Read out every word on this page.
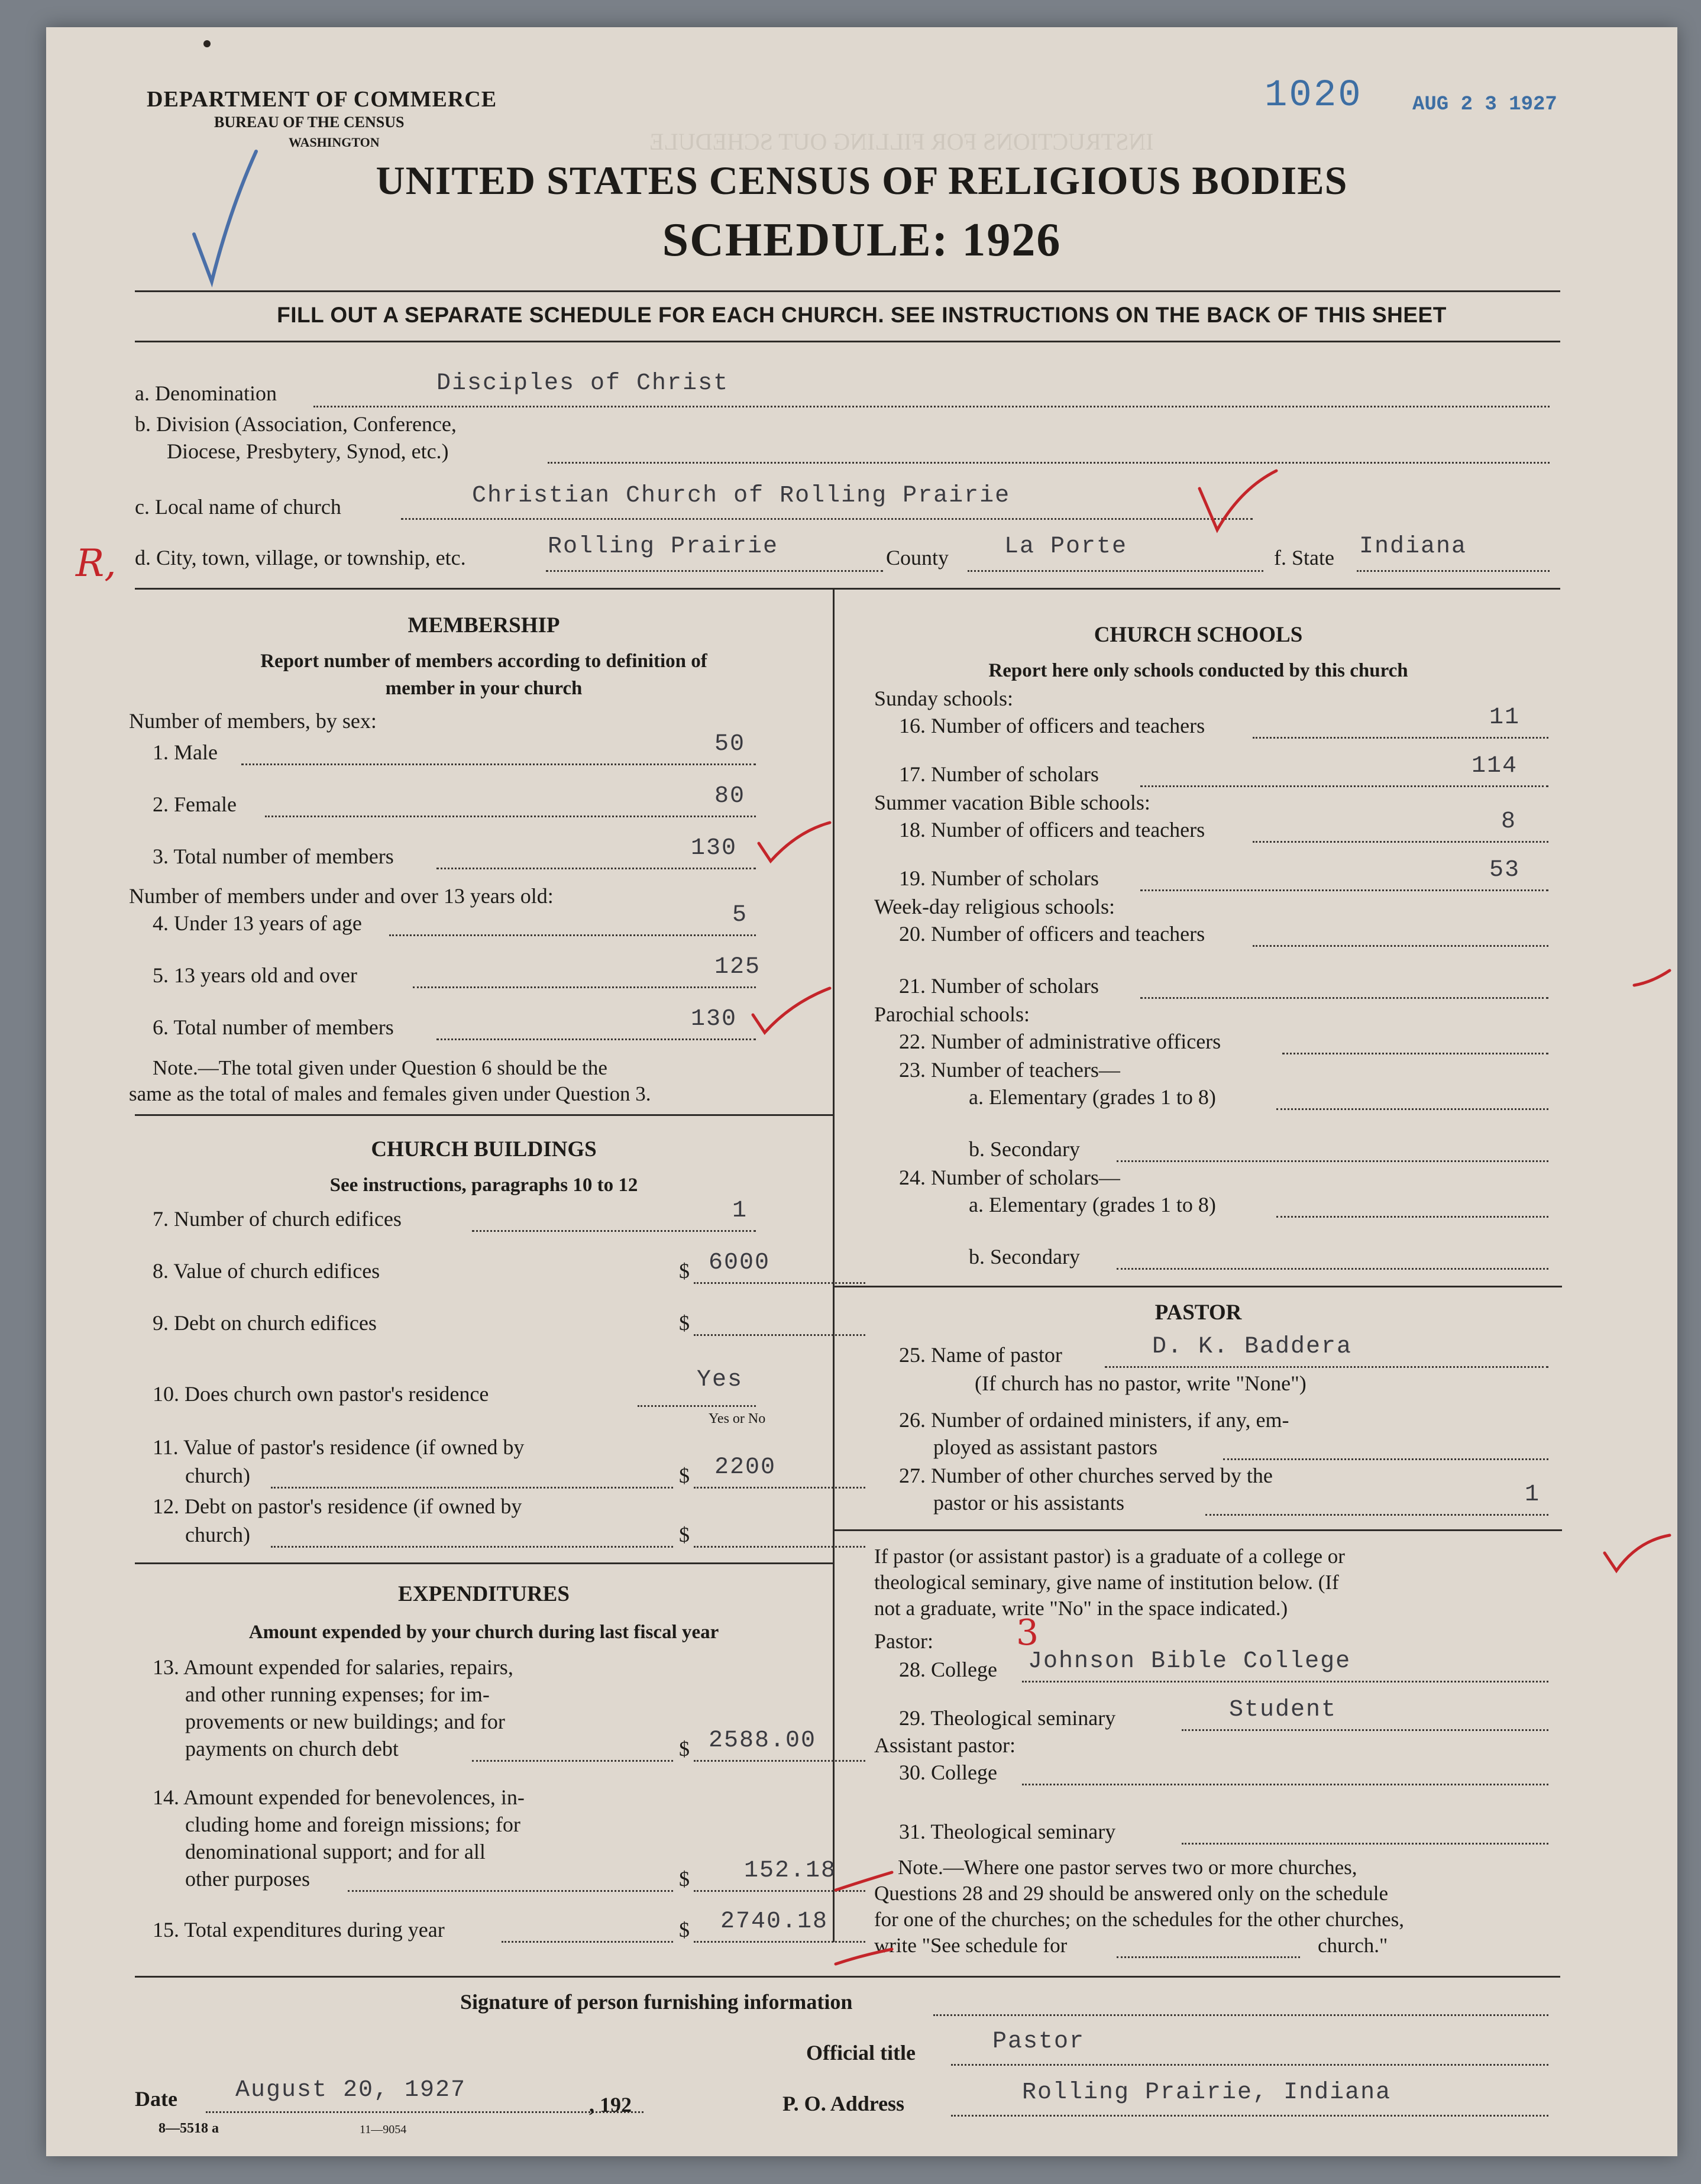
INSTRUCTIONS FOR FILLING OUT SCHEDULE
DEPARTMENT OF COMMERCE
BUREAU OF THE CENSUS
WASHINGTON
1020 AUG 2 3 1927
UNITED STATES CENSUS OF RELIGIOUS BODIES
SCHEDULE: 1926
FILL OUT A SEPARATE SCHEDULE FOR EACH CHURCH. SEE INSTRUCTIONS ON THE BACK OF THIS SHEET
a. Denomination	Disciples of Christ
b. Division (Association, Conference,
Diocese, Presbytery, Synod, etc.)
c. Local name of church	Christian Church of Rolling Prairie
R, d. City, town, village, or township, etc.	Rolling Prairie	County La Porte	f. State Indiana
MEMBERSHIP
Report number of members according to definition of
member in your church
Number of members, by sex:
1. Male	50
2. Female	80
3. Total number of members	130
Number of members under and over 13 years old:
4. Under 13 years of age	5
5. 13 years old and over	125
6. Total number of members	130
Note.—The total given under Question 6 should be the
same as the total of males and females given under Question 3.
CHURCH BUILDINGS
See instructions, paragraphs 10 to 12
7. Number of church edifices	1
8. Value of church edifices	$ 6000
9. Debt on church edifices	$
10. Does church own pastor's residence
Yes
Yes or No
11. Value of pastor's residence (if owned by
church)	$ 2200
12. Debt on pastor's residence (if owned by
church)	$
EXPENDITURES
Amount expended by your church during last fiscal year
13. Amount expended for salaries, repairs,
and other running expenses; for im-
provements or new buildings; and for
payments on church debt	$ 2588.00
14. Amount expended for benevolences, in-
cluding home and foreign missions; for
denominational support; and for all
other purposes	$ 152.18
15. Total expenditures during year	$ 2740.18
CHURCH SCHOOLS
Report here only schools conducted by this church
Sunday schools:
16. Number of officers and teachers	11
17. Number of scholars	114
Summer vacation Bible schools:
18. Number of officers and teachers	8
19. Number of scholars	53
Week-day religious schools:
20. Number of officers and teachers
21. Number of scholars
Parochial schools:
22. Number of administrative officers
23. Number of teachers—
a. Elementary (grades 1 to 8)
b. Secondary
24. Number of scholars—
a. Elementary (grades 1 to 8)
b. Secondary
PASTOR
25. Name of pastor	D. K. Baddera
(If church has no pastor, write "None")
26. Number of ordained ministers, if any, em-
ployed as assistant pastors
27. Number of other churches served by the
pastor or his assistants	1
If pastor (or assistant pastor) is a graduate of a college or
theological seminary, give name of institution below. (If
not a graduate, write "No" in the space indicated.)
Pastor: 3
28. College Johnson Bible College
29. Theological seminary	Student
Assistant pastor:
30. College
31. Theological seminary
Note.—Where one pastor serves two or more churches,
Questions 28 and 29 should be answered only on the schedule
for one of the churches; on the schedules for the other churches,
write "See schedule for	church."
Signature of person furnishing information
Official title	Pastor
Date August 20, 1927
, 192
8—5518 a	11—9054
P. O. Address	Rolling Prairie, Indiana
